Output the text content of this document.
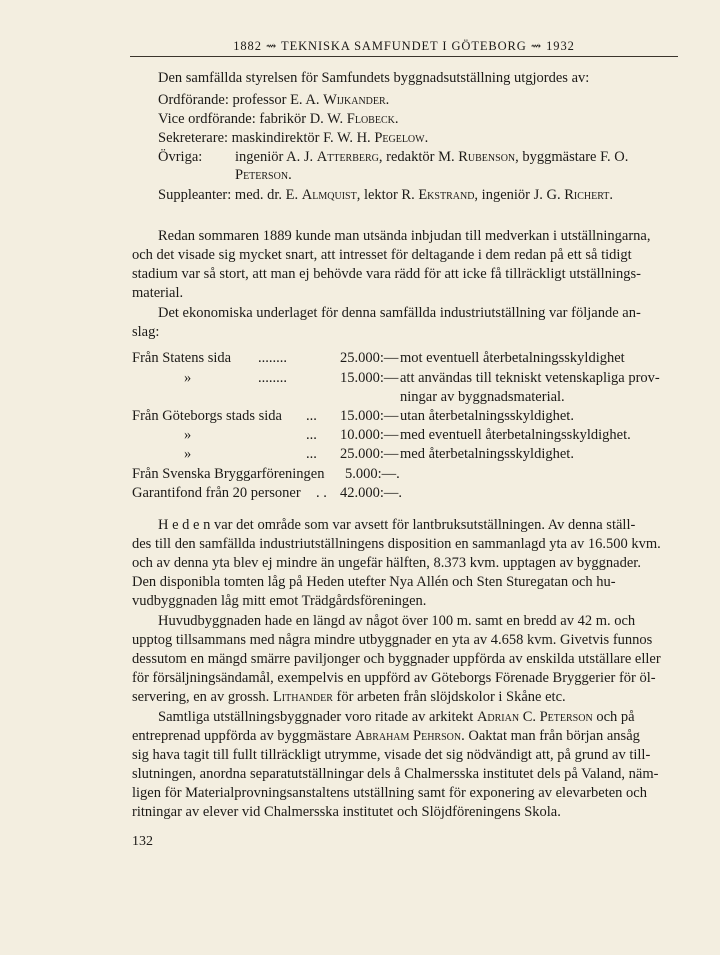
1882 ⇝ TEKNISKA SAMFUNDET I GÖTEBORG ⇝ 1932
Den samfällda styrelsen för Samfundets byggnadsutställning utgjordes av:
Ordförande: professor E. A. Wijkander.
Vice ordförande: fabrikör D. W. Flobeck.
Sekreterare: maskindirektör F. W. H. Pegelow.
Övriga: ingeniör A. J. Atterberg, redaktör M. Rubenson, byggmästare F. O.
Peterson.
Suppleanter: med. dr. E. Almquist, lektor R. Ekstrand, ingeniör J. G. Richert.
Redan sommaren 1889 kunde man utsända inbjudan till medverkan i utställningarna,
och det visade sig mycket snart, att intresset för deltagande i dem redan på ett så tidigt
stadium var så stort, att man ej behövde vara rädd för att icke få tillräckligt utställnings-
material.
Det ekonomiska underlaget för denna samfällda industriutställning var följande an-
slag:
Från Statens sida ........	25.000:— mot eventuell återbetalningsskyldighet
»	........	15.000:— att användas till tekniskt vetenskapliga prov-
ningar av byggnadsmaterial.
Från Göteborgs stads sida ... 15.000:— utan återbetalningsskyldighet.
»	... 10.000:— med eventuell återbetalningsskyldighet.
»	... 25.000:— med återbetalningsskyldighet.
Från Svenska Bryggarföreningen 5.000:—.
Garantifond från 20 personer . . 42.000:—.
H e d e n var det område som var avsett för lantbruksutställningen. Av denna ställ-
des till den samfällda industriutställningens disposition en sammanlagd yta av 16.500 kvm.
och av denna yta blev ej mindre än ungefär hälften, 8.373 kvm. upptagen av byggnader.
Den disponibla tomten låg på Heden utefter Nya Allén och Sten Sturegatan och hu-
vudbyggnaden låg mitt emot Trädgårdsföreningen.
Huvudbyggnaden hade en längd av något över 100 m. samt en bredd av 42 m. och
upptog tillsammans med några mindre utbyggnader en yta av 4.658 kvm. Givetvis funnos
dessutom en mängd smärre paviljonger och byggnader uppförda av enskilda utställare eller
för försäljningsändamål, exempelvis en uppförd av Göteborgs Förenade Bryggerier för öl-
servering, en av grossh. Lithander för arbeten från slöjdskolor i Skåne etc.
Samtliga utställningsbyggnader voro ritade av arkitekt Adrian C. Peterson och på
entreprenad uppförda av byggmästare Abraham Pehrson. Oaktat man från början ansåg
sig hava tagit till fullt tillräckligt utrymme, visade det sig nödvändigt att, på grund av till-
slutningen, anordna separatutställningar dels å Chalmersska institutet dels på Valand, näm-
ligen för Materialprovningsanstaltens utställning samt för exponering av elevarbeten och
ritningar av elever vid Chalmersska institutet och Slöjdföreningens Skola.
132
